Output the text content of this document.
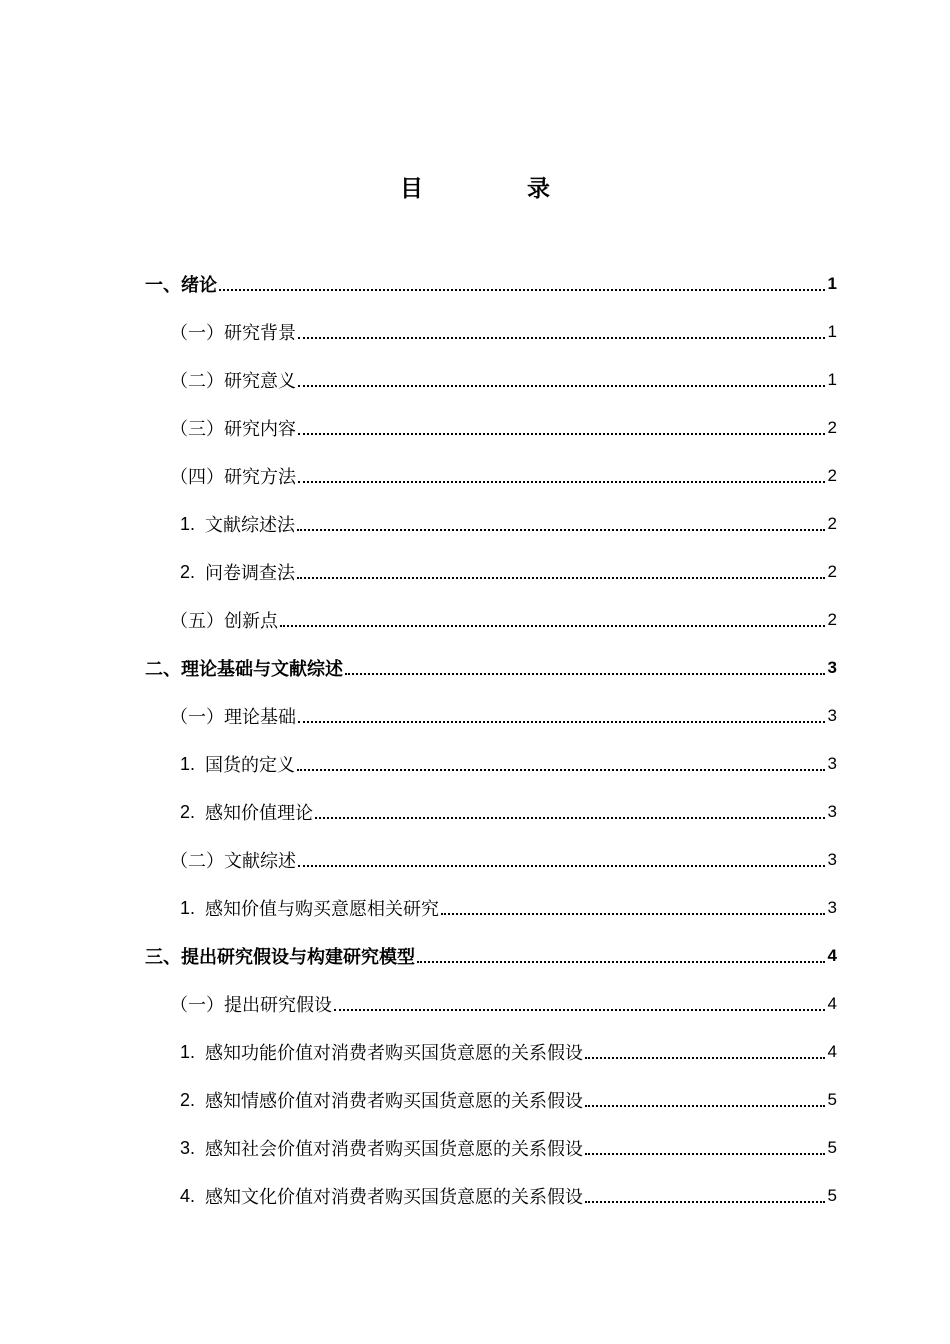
目 录
一、绪论	1
（一）研究背景	1
（二）研究意义	1
（三）研究内容	2
（四）研究方法	2
1. 文献综述法	2
2. 问卷调查法	2
（五）创新点	2
二、理论基础与文献综述	3
（一）理论基础	3
1. 国货的定义	3
2. 感知价值理论	3
（二）文献综述	3
1. 感知价值与购买意愿相关研究	3
三、提出研究假设与构建研究模型	4
（一）提出研究假设	4
1. 感知功能价值对消费者购买国货意愿的关系假设	4
2. 感知情感价值对消费者购买国货意愿的关系假设	5
3. 感知社会价值对消费者购买国货意愿的关系假设	5
4. 感知文化价值对消费者购买国货意愿的关系假设	5
